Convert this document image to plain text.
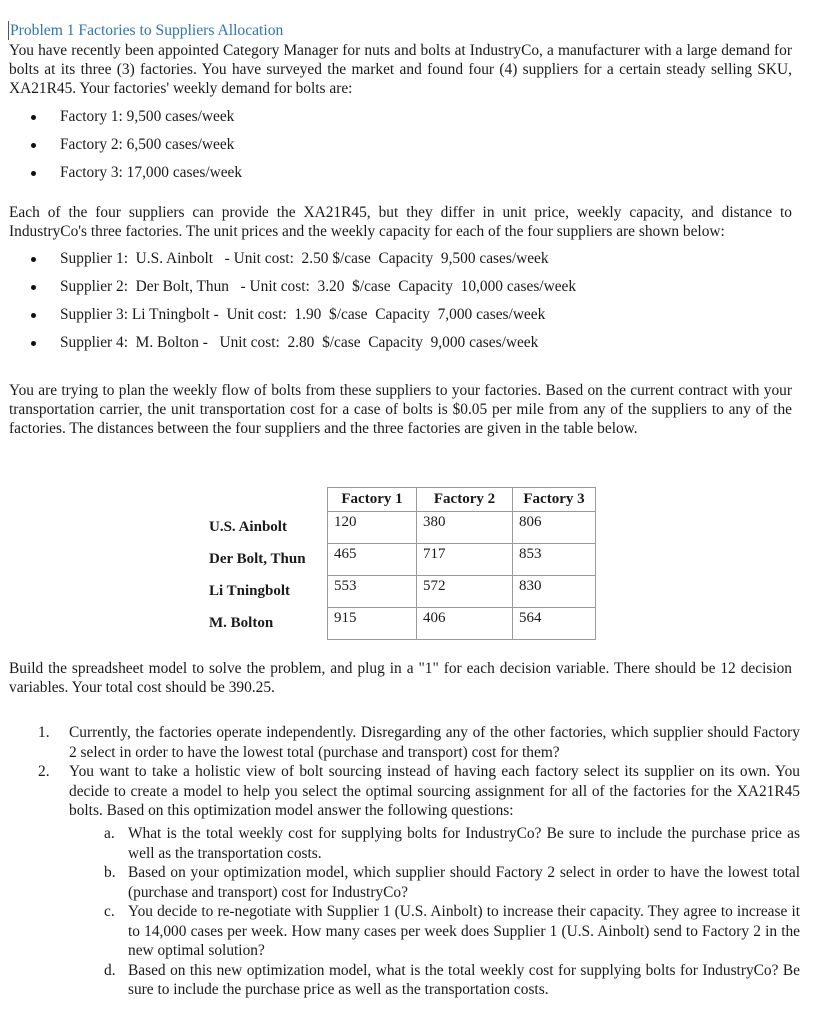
Problem 1 Factories to Suppliers Allocation

You have recently been appointed Category Manager for nuts and bolts at IndustryCo, a manufacturer with a large demand for bolts at its three (3) factories. You have surveyed the market and found four (4) suppliers for a certain steady selling SKU, XA21R45. Your factories' weekly demand for bolts are:

Factory 1: 9,500 cases/week
Factory 2: 6,500 cases/week
Factory 3: 17,000 cases/week

Each of the four suppliers can provide the XA21R45, but they differ in unit price, weekly capacity, and distance to IndustryCo's three factories. The unit prices and the weekly capacity for each of the four suppliers are shown below:

Supplier 1:  U.S. Ainbolt   - Unit cost:  2.50 $/case  Capacity  9,500 cases/week
Supplier 2:  Der Bolt, Thun   - Unit cost:  3.20  $/case  Capacity  10,000 cases/week
Supplier 3: Li Tningbolt -  Unit cost:  1.90  $/case  Capacity  7,000 cases/week
Supplier 4:  M. Bolton -   Unit cost:  2.80  $/case  Capacity  9,000 cases/week

You are trying to plan the weekly flow of bolts from these suppliers to your factories. Based on the current contract with your transportation carrier, the unit transportation cost for a case of bolts is $0.05 per mile from any of the suppliers to any of the factories. The distances between the four suppliers and the three factories are given in the table below.

	Factory 1	Factory 2	Factory 3
U.S. Ainbolt	120	380	806
Der Bolt, Thun	465	717	853
Li Tningbolt	553	572	830
M. Bolton	915	406	564

Build the spreadsheet model to solve the problem, and plug in a "1" for each decision variable. There should be 12 decision variables. Your total cost should be 390.25.

1. Currently, the factories operate independently. Disregarding any of the other factories, which supplier should Factory 2 select in order to have the lowest total (purchase and transport) cost for them?
2. You want to take a holistic view of bolt sourcing instead of having each factory select its supplier on its own. You decide to create a model to help you select the optimal sourcing assignment for all of the factories for the XA21R45 bolts. Based on this optimization model answer the following questions:
a. What is the total weekly cost for supplying bolts for IndustryCo? Be sure to include the purchase price as well as the transportation costs.
b. Based on your optimization model, which supplier should Factory 2 select in order to have the lowest total (purchase and transport) cost for IndustryCo?
c. You decide to re-negotiate with Supplier 1 (U.S. Ainbolt) to increase their capacity. They agree to increase it to 14,000 cases per week. How many cases per week does Supplier 1 (U.S. Ainbolt) send to Factory 2 in the new optimal solution?
d. Based on this new optimization model, what is the total weekly cost for supplying bolts for IndustryCo? Be sure to include the purchase price as well as the transportation costs.
